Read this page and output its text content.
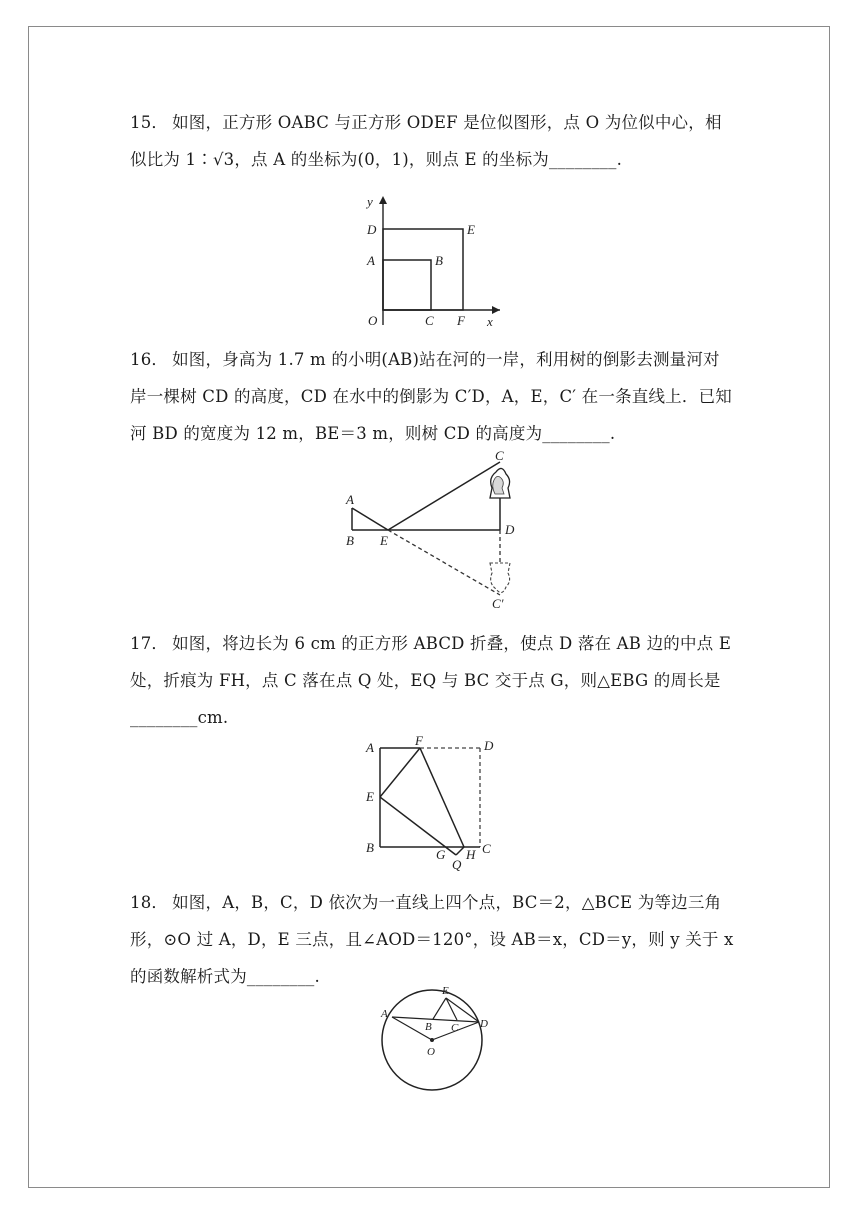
15． 如图，正方形 OABC 与正方形 ODEF 是位似图形，点 O 为位似中心，相似比为 1∶√3，点 A 的坐标为(0，1)，则点 E 的坐标为________.
y
x
O
A	B
C
D	E
F
16． 如图，身高为 1.7 m 的小明(AB)站在河的一岸，利用树的倒影去测量河对岸一棵树 CD 的高度，CD 在水中的倒影为 C′D，A，E，C′ 在一条直线上．已知河 BD 的宽度为 12 m，BE＝3 m，则树 CD 的高度为________.
A
B E
C
D
C′
17． 如图，将边长为 6 cm 的正方形 ABCD 折叠，使点 D 落在 AB 边的中点 E 处，折痕为 FH，点 C 落在点 Q 处，EQ 与 BC 交于点 G，则△EBG 的周长是________cm.
A	F	D
E
B	G
Q
H C
18． 如图，A，B，C，D 依次为一直线上四个点，BC＝2，△BCE 为等边三角形，⊙O 过 A，D，E 三点，且∠AOD＝120°，设 AB＝x，CD＝y，则 y 关于 x 的函数解析式为________.
A
B C D
E
O
